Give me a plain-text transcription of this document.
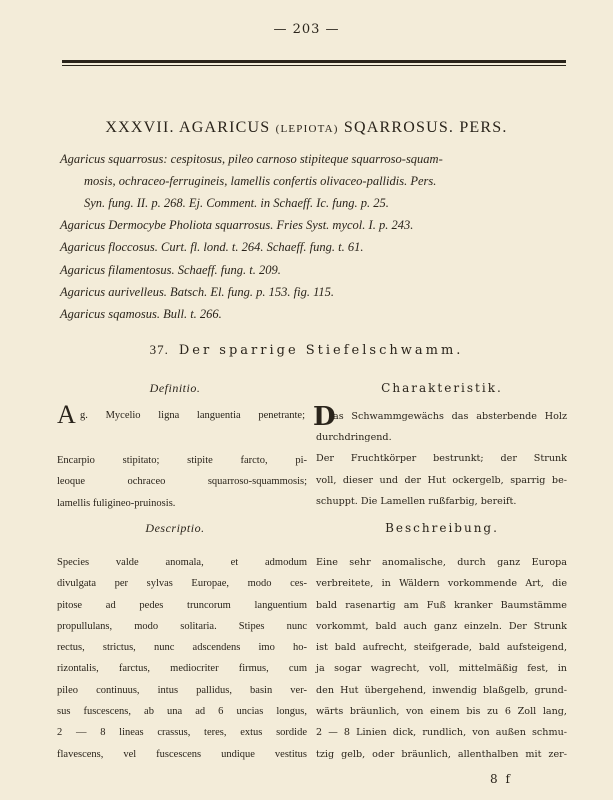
— 203 —
XXXVII. AGARICUS (LEPIOTA) SQARROSUS. PERS.
Agaricus squarrosus: cespitosus, pileo carnoso stipiteque squarroso-squam-
mosis, ochraceo-ferrugineis, lamellis confertis olivaceo-pallidis. Pers.
Syn. fung. II. p. 268. Ej. Comment. in Schaeff. Ic. fung. p. 25.
Agaricus Dermocybe Pholiota squarrosus. Fries Syst. mycol. I. p. 243.
Agaricus floccosus. Curt. fl. lond. t. 264. Schaeff. fung. t. 61.
Agaricus filamentosus. Schaeff. fung. t. 209.
Agaricus aurivelleus. Batsch. El. fung. p. 153. fig. 115.
Agaricus sqamosus. Bull. t. 266.
37. Der sparrige Stiefelschwamm.
Definitio.
A g. Mycelio ligna languentia penetrante;
Encarpio stipitato; stipite farcto, pi-
leoque ochraceo squarroso-squammosis;
lamellis fuligineo-pruinosis.
Descriptio.
Species valde anomala, et admodum
divulgata per sylvas Europae, modo ces-
pitose ad pedes truncorum languentium
propullulans, modo solitaria. Stipes nunc
rectus, strictus, nunc adscendens imo ho-
rizontalis, farctus, mediocriter firmus, cum
pileo continuus, intus pallidus, basin ver-
sus fuscescens, ab una ad 6 uncias longus,
2 — 8 lineas crassus, teres, extus sordide
flavescens, vel fuscescens undique vestitus
Charakteristik.
D
as Schwammgewächs das absterbende Holz
durchdringend.
Der Fruchtkörper bestrunkt; der Strunk
voll, dieser und der Hut ockergelb, sparrig be-
schuppt. Die Lamellen rußfarbig, bereift.
Beschreibung.
Eine sehr anomalische, durch ganz Europa
verbreitete, in Wäldern vorkommende Art, die
bald rasenartig am Fuß kranker Baumstämme
vorkommt, bald auch ganz einzeln. Der Strunk
ist bald aufrecht, steifgerade, bald aufsteigend,
ja sogar wagrecht, voll, mittelmäßig fest, in
den Hut übergehend, inwendig blaßgelb, grund-
wärts bräunlich, von einem bis zu 6 Zoll lang,
2 — 8 Linien dick, rundlich, von außen schmu-
tzig gelb, oder bräunlich, allenthalben mit zer-
8 f
